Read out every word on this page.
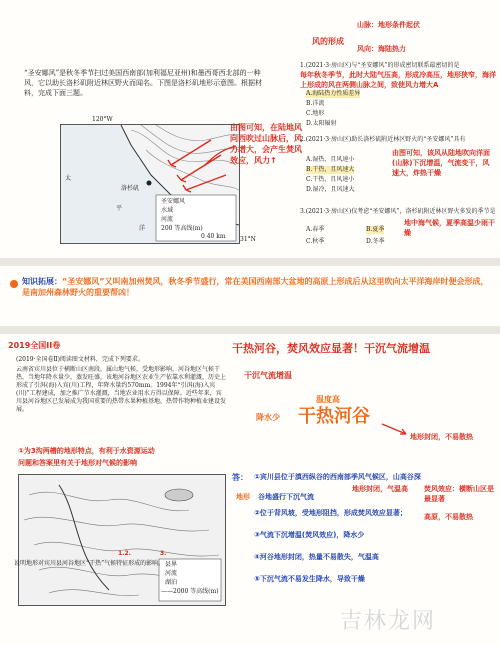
“圣安娜风”是秋冬季节扫过美国西南部(加利福尼亚州)和墨西哥西北部的一种风，它以助长洛杉矶附近林区野火而闻名。下图是洛杉矶地形示意图。根据材料，完成下面三题。
太
平
洋
洛杉矶
圣安娜风
水域
河流
200 等高线(m)
0 40 km
120°W
31°N
由图可知，在陆地风向西吹过山脉后，风力增大，会产生焚风效应，风力↑
山脉：地形条件起伏
风向：海陆热力
风的形成
1.(2021·3·房山区)与“圣安娜风”的形成密切联系最密切的是
每年秋冬季节，此时大陆气压高，形成冷高压，地形狭窄，海洋上形成的风在两侧山脉之间，致使风力增大A
A.海陆热力性质差异
B.洋流
C.地形
D.太阳辐射
2.(2021·3·房山区)助长洛杉矶附近林区野火的“圣安娜风”具有
由图可知，该风从陆地吹向洋面(山脉)下沉增温，气流变干，风速大，炸热干燥
A.湿热，且风速小
B.干热，且风速大
C.干热，且风速小
D.湿冷，且风速大
3.(2021·3·房山区)仅考虑“圣安娜风”，洛杉矶附近林区野火多发的季节是
A.春季	B.夏季
C.秋季	D.冬季
地中海气候，夏季高温少雨干燥
知识拓展：“圣安娜风”又叫南加州焚风，秋冬季节盛行，常在美国西南部大盆地的高原上形成后从这里吹向太平洋海岸时便会形成，是南加州森林野火的重要帮凶！
2019全国II卷
(2019·全国卷Ⅱ)阅读图文材料，完成下列要求。
云南省宾川县位于横断山区南段，属山地气候，受地形影响，河谷地区气候干热，当地年降水量少，蒸发旺盛，该地河谷地区农业生产依靠水利灌溉，历史上形成了引洱(海)入宾(川)工程，年降水量约570mm。1994年“引洱(海)入宾(川)”工程建成，加之推广节水灌溉，当地农业用水方得以保障。近些年来，宾川县河谷地区已发展成为我国重要的热带水果种植基地，热带作物种植业建设发展。
①为3沟两槽的地形特点，有利于水资源运动
问题和答案里有关于地形对气候的影响
县界
河流
湖泊
——2000 等高线(m)
说明地形对宾川县河谷地区“干热”气候特征形成的影响。
1.2.	3.
干热河谷，焚风效应显著！干沉气流增温
干沉气流增温
温度高
降水少 干热河谷
地形封闭，不易散热
答： ①宾川县位于滇西纵谷的西南部季风气候区，山高谷深
地形 谷地盛行下沉气流
地形封闭，气温高	焚风效应：横断山区是最显著
高原，不易散热
②位于背风坡，受地形阻挡，形成焚风效应显著；
③气流下沉增温(焚风效应)，降水少
④河谷地形封闭，热量不易散失，气温高
⑤下沉气流不易发生降水，导致干燥
吉林龙网
